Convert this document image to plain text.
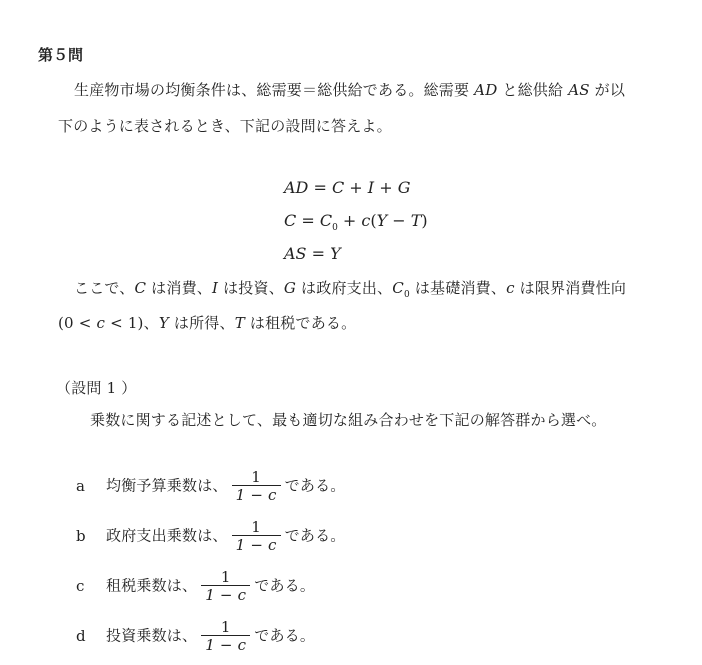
第５問
生産物市場の均衡条件は、総需要＝総供給である。総需要 AD と総供給 AS が以
下のように表されるとき、下記の設問に答えよ。
AD = C + I + G
$C = C_0 + c(Y - T)$
AS = Y
ここで、C は消費、I は投資、G は政府支出、$C_0$ は基礎消費、c は限界消費性向
(0 < c < 1)、Y は所得、T は租税である。
（設問 1 ）
乗数に関する記述として、最も適切な組み合わせを下記の解答群から選べ。
a 均衡予算乗数は、 $\frac{1}{1 - c}$ である。
b 政府支出乗数は、 $\frac{1}{1 - c}$ である。
c 租税乗数は、 $\frac{1}{1 - c}$ である。
d 投資乗数は、 $\frac{1}{1 - c}$ である。
